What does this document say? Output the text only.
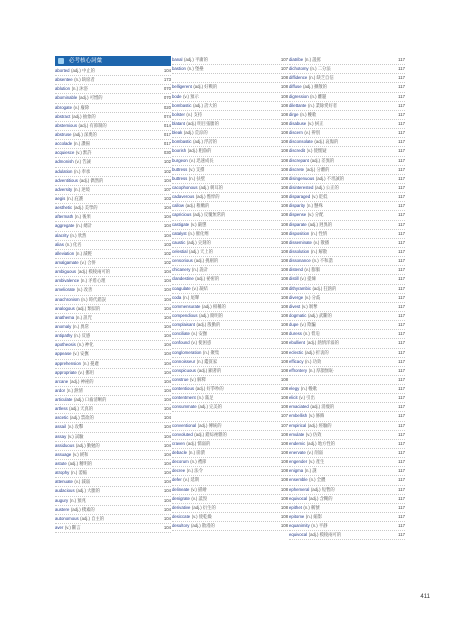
必考核心詞彙
aborted (adj.) 中止的	104
absentee (n.) 缺席者	173
ablution (n.) 沐浴	070
abominable (adj.) 可憎的	070
abrogate (v.) 廢除	020
abstract (adj.) 抽象的	074
abstemious (adj.) 有節制的	014
abstruse (adj.) 深奧的	017
accolade (n.) 讚揚	017
acquiesce (v.) 默許	030
admonish (v.) 告誡	102
adulation (n.) 奉承	102
adventitious (adj.) 偶然的	104
adversity (n.) 逆境	107
aegis (n.) 庇護	103
aesthetic (adj.) 美學的	104
aftermath (n.) 後果	104
aggregate (n.) 總計	104
alacrity (n.) 欣然	104
alias (n.) 化名	103
alleviation (n.) 減輕	102
amalgamate (v.) 合併	102
ambiguous (adj.) 模稜兩可的	104
ambivalence (n.) 矛盾心理	104
ameliorate (v.) 改善	104
anachronism (n.) 時代錯誤	104
analogous (adj.) 類似的	104
anathema (n.) 詛咒	104
anomaly (n.) 異常	104
antipathy (n.) 反感	104
apotheosis (n.) 神化	104
appease (v.) 安撫	104
apprehension (n.) 憂慮	104
appropriate (v.) 挪用	104
arcane (adj.) 神祕的	104
ardor (n.) 熱情	104
articulate (adj.) 口齒清晰的	104
artless (adj.) 天真的	104
ascetic (adj.) 禁欲的	104
assail (v.) 攻擊	104
assay (v.) 試驗	104
assiduous (adj.) 勤勉的	104
assuage (v.) 緩和	104
astute (adj.) 精明的	104
atrophy (n.) 萎縮	104
attenuate (v.) 減弱	104
audacious (adj.) 大膽的	104
augury (n.) 預兆	104
austere (adj.) 樸素的	104
autonomous (adj.) 自主的	104
aver (v.) 斷言	104
banal (adj.) 平庸的	107
bastion (n.) 堡壘	107
108
belligerent (adj.) 好戰的	108
bode (v.) 預示	108
bombastic (adj.) 誇大的	108
bolster (v.) 支持	108
blatant (adj.) 明目張膽的	108
bleak (adj.) 荒涼的	108
bombastic (adj.) 浮誇的	108
boorish (adj.) 粗魯的	108
burgeon (v.) 迅速成長	108
buttress (v.) 支撐	108
buttress (n.) 扶壁	108
cacophonous (adj.) 刺耳的	108
cadaverous (adj.) 憔悴的	108
callow (adj.) 稚嫩的	108
capricious (adj.) 反覆無常的	108
castigate (v.) 嚴懲	108
catalyst (n.) 催化劑	108
caustic (adj.) 尖刻的	108
celestial (adj.) 天上的	108
censorious (adj.) 挑剔的	108
chicanery (n.) 詭計	108
clandestine (adj.) 祕密的	108
coagulate (v.) 凝結	108
coda (n.) 尾聲	108
commensurate (adj.) 相稱的	108
compendious (adj.) 簡明的	108
complaisant (adj.) 殷勤的	108
conciliate (v.) 安撫	108
confound (v.) 使困惑	108
conglomeration (n.) 聚集	108
connoisseur (n.) 鑑賞家	108
conspicuous (adj.) 顯著的	108
construe (v.) 解釋	108
contentious (adj.) 好爭吵的	108
contentment (n.) 滿足	108
consummate (adj.) 完美的	108
107
conventional (adj.) 傳統的	107
convoluted (adj.) 錯綜複雜的	108
craven (adj.) 懦弱的	108
debacle (n.) 崩潰	108
decorum (n.) 禮節	108
decree (n.) 法令	108
defer (v.) 延期	108
delineate (v.) 描繪	108
denigrate (v.) 詆毀	108
derivative (adj.) 衍生的	108
desiccate (v.) 使乾燥	108
desultory (adj.) 散漫的	108
diatribe (n.) 謾罵	117
dichotomy (n.) 二分法	117
diffidence (n.) 缺乏自信	117
diffuse (adj.) 擴散的	117
digression (n.) 離題	117
dilettante (n.) 業餘愛好者	117
dirge (n.) 輓歌	117
disabuse (v.) 糾正	117
discern (v.) 辨別	117
disconsolate (adj.) 哀傷的	117
discredit (v.) 使懷疑	117
discrepant (adj.) 差異的	117
discrete (adj.) 分離的	117
disingenuous (adj.) 不坦誠的	117
disinterested (adj.) 公正的	117
disparaged (v.) 貶低	117
disparity (n.) 懸殊	117
dispense (v.) 分配	117
disparate (adj.) 迥異的	117
disposition (n.) 性情	117
disseminate (v.) 散播	117
dissolution (n.) 解散	117
dissonance (n.) 不和諧	117
distend (v.) 膨脹	117
distill (v.) 提煉	117
dithyrambic (adj.) 狂熱的	117
diverge (v.) 分歧	117
divest (v.) 剝奪	117
dogmatic (adj.) 武斷的	117
dupe (v.) 欺騙	117
duress (n.) 脅迫	117
ebullient (adj.) 熱情洋溢的	117
eclectic (adj.) 折衷的	117
efficacy (n.) 功效	117
effrontery (n.) 厚顏無恥	117
117
elegy (n.) 輓歌	117
elicit (v.) 引出	117
emaciated (adj.) 消瘦的	117
embellish (v.) 修飾	117
empirical (adj.) 經驗的	117
emulate (v.) 仿效	117
endemic (adj.) 地方性的	117
enervate (v.) 削弱	117
engender (v.) 產生	117
enigma (n.) 謎	117
ensemble (n.) 全體	117
ephemeral (adj.) 短暫的	117
equivocal (adj.) 含糊的	117
epithet (n.) 稱號	117
epitome (n.) 縮影	117
equanimity (n.) 平靜	117
equivocal (adj.) 模稜兩可的	117
411
